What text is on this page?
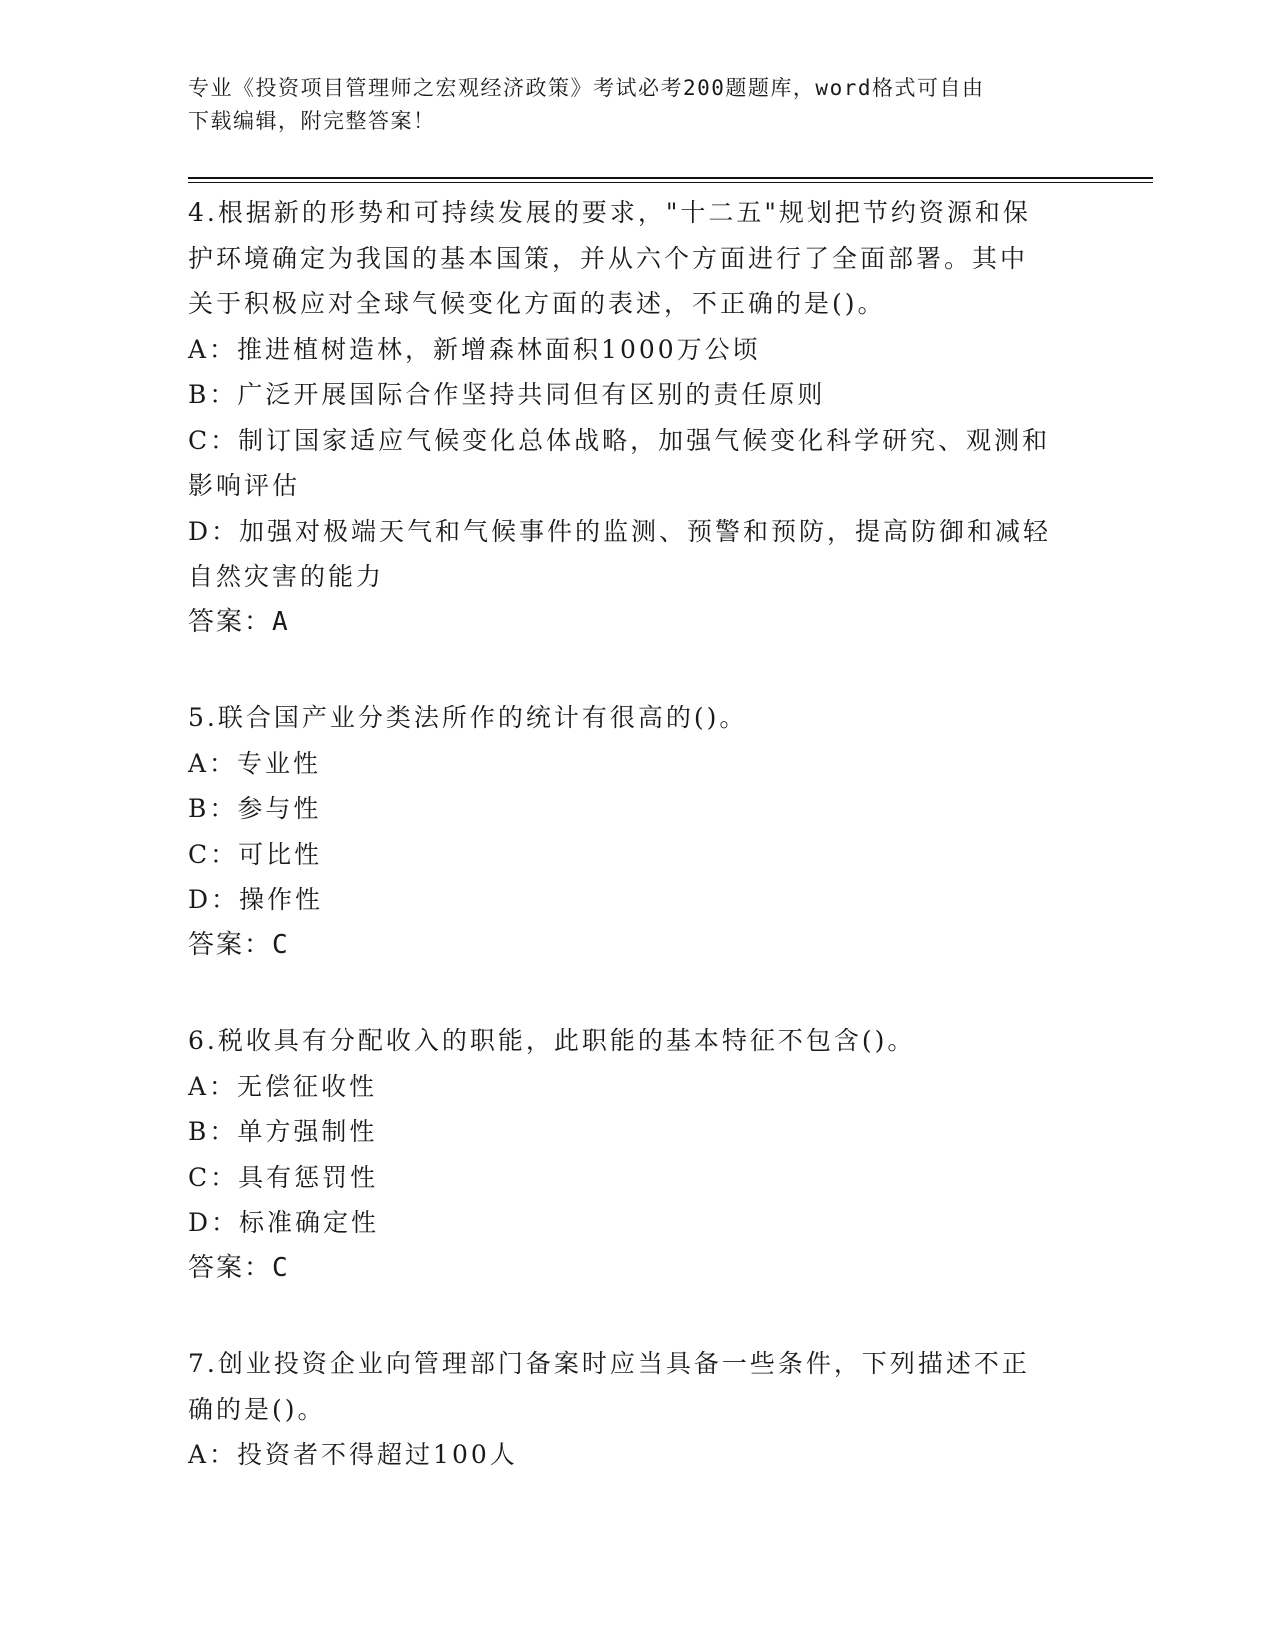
专业《投资项目管理师之宏观经济政策》考试必考200题题库，word格式可自由
下载编辑，附完整答案！
4.根据新的形势和可持续发展的要求，"十二五"规划把节约资源和保
护环境确定为我国的基本国策，并从六个方面进行了全面部署。其中
关于积极应对全球气候变化方面的表述，不正确的是()。
A：推进植树造林，新增森林面积1000万公顷
B：广泛开展国际合作坚持共同但有区别的责任原则
C：制订国家适应气候变化总体战略，加强气候变化科学研究、观测和
影响评估
D：加强对极端天气和气候事件的监测、预警和预防，提高防御和减轻
自然灾害的能力
答案：A
5.联合国产业分类法所作的统计有很高的()。
A：专业性
B：参与性
C：可比性
D：操作性
答案：C
6.税收具有分配收入的职能，此职能的基本特征不包含()。
A：无偿征收性
B：单方强制性
C：具有惩罚性
D：标准确定性
答案：C
7.创业投资企业向管理部门备案时应当具备一些条件，下列描述不正
确的是()。
A：投资者不得超过100人
